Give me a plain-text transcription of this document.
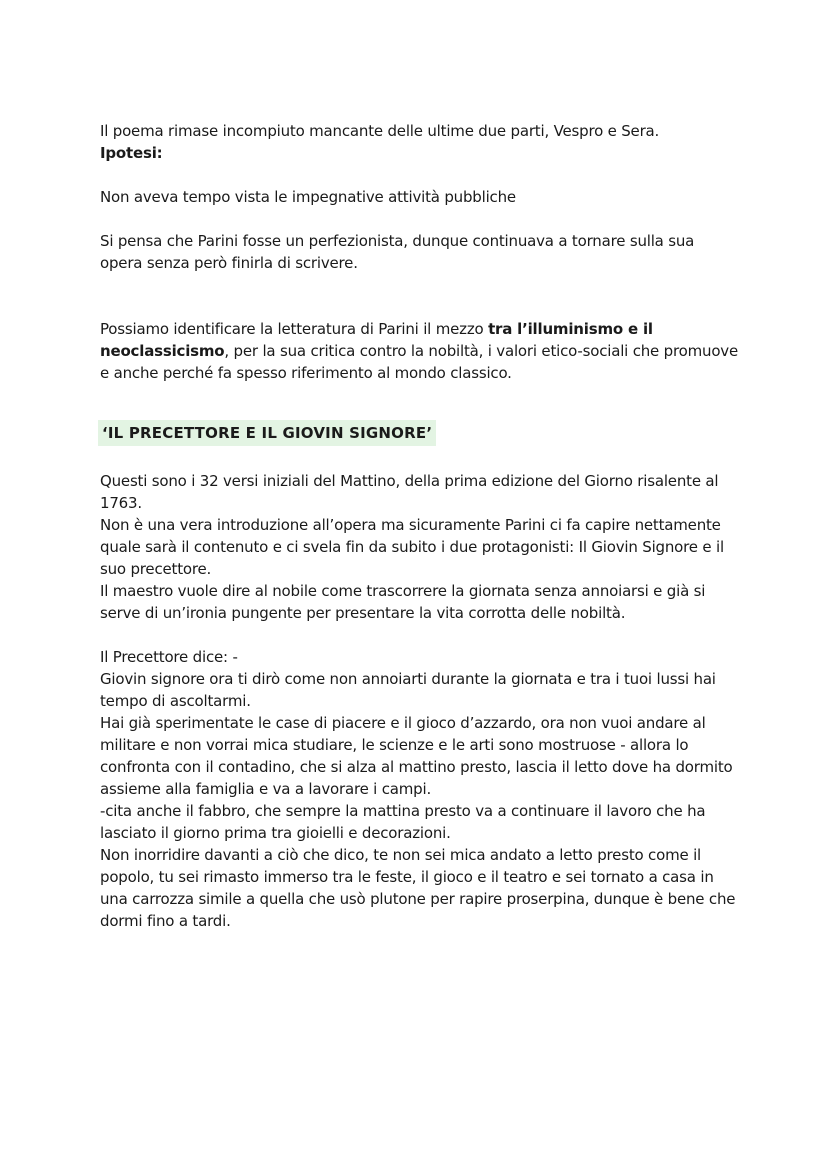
Il poema rimase incompiuto mancante delle ultime due parti, Vespro e Sera.

Ipotesi:

Non aveva tempo vista le impegnative attività pubbliche

Si pensa che Parini fosse un perfezionista, dunque continuava a tornare sulla sua opera senza però finirla di scrivere.

Possiamo identificare la letteratura di Parini il mezzo tra l’illuminismo e il neoclassicismo, per la sua critica contro la nobiltà, i valori etico-sociali che promuove e anche perché fa spesso riferimento al mondo classico.

‘IL PRECETTORE E IL GIOVIN SIGNORE’

Questi sono i 32 versi iniziali del Mattino, della prima edizione del Giorno risalente al 1763.

Non è una vera introduzione all’opera ma sicuramente Parini ci fa capire nettamente quale sarà il contenuto e ci svela fin da subito i due protagonisti: Il Giovin Signore e il suo precettore.

Il maestro vuole dire al nobile come trascorrere la giornata senza annoiarsi e già si serve di un’ironia pungente per presentare la vita corrotta delle nobiltà.

Il Precettore dice: -

Giovin signore ora ti dirò come non annoiarti durante la giornata e tra i tuoi lussi hai tempo di ascoltarmi.

Hai già sperimentate le case di piacere e il gioco d’azzardo, ora non vuoi andare al militare e non vorrai mica studiare, le scienze e le arti sono mostruose - allora lo confronta con il contadino, che si alza al mattino presto, lascia il letto dove ha dormito assieme alla famiglia e va a lavorare i campi.

-cita anche il fabbro, che sempre la mattina presto va a continuare il lavoro che ha lasciato il giorno prima tra gioielli e decorazioni.

Non inorridire davanti a ciò che dico, te non sei mica andato a letto presto come il popolo, tu sei rimasto immerso tra le feste, il gioco e il teatro e sei tornato a casa in una carrozza simile a quella che usò plutone per rapire proserpina, dunque è bene che dormi fino a tardi.
